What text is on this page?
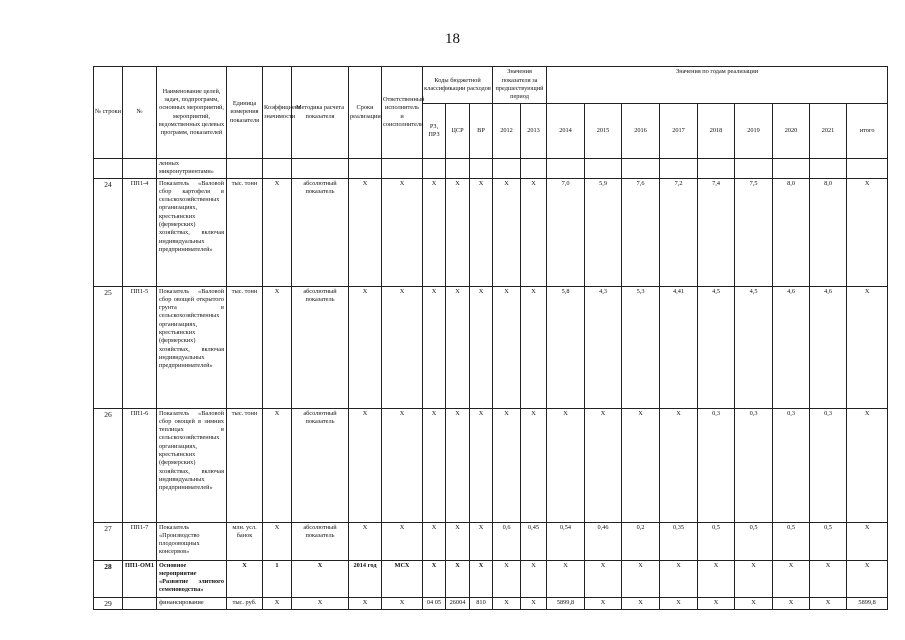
18
№ строки	№	Наименование целей, задач, подпрограмм, основных мероприятий, мероприятий, ведомственных целевых программ, показателей	Единица измерения показателя	Коэффициент значимости	Методика расчета показателя	Сроки реализации	Ответственный исполнитель и соисполнители	Коды бюджетной классификации расходов			Значения показателя за предшествующий период		Значения по годам реализации								
								РЗ, ПРЗ	ЦСР	ВР	2012	2013	2014	2015	2016	2017	2018	2019	2020	2021	итого
		ленных микронутриентами»																			
24	ПП1-4	Показатель «Валовой сбор картофеля в сельскохозяйственных организациях, крестьянских (фермерских) хозяйствах, включая индивидуальных предпринимателей»	тыс. тонн	Х	абсолютный показатель	Х	Х	Х	Х	Х	Х	Х	7,0	5,9	7,6	7,2	7,4	7,5	8,0	8,0	Х
25	ПП1-5	Показатель «Валовой сбор овощей открытого грунта в сельскохозяйственных организациях, крестьянских (фермерских) хозяйствах, включая индивидуальных предпринимателей»	тыс. тонн	Х	абсолютный показатель	Х	Х	Х	Х	Х	Х	Х	5,8	4,3	5,3	4,41	4,5	4,5	4,6	4,6	Х
26	ПП1-6	Показатель «Валовой сбор овощей в зимних теплицах в сельскохозяйственных организациях, крестьянских (фермерских) хозяйствах, включая индивидуальных предпринимателей»	тыс. тонн	Х	абсолютный показатель	Х	Х	Х	Х	Х	Х	Х	Х	Х	Х	Х	0,3	0,3	0,3	0,3	Х
27	ПП1-7	Показатель «Производство плодоовощных консервов»	млн. усл. банок	Х	абсолютный показатель	Х	Х	Х	Х	Х	0,6	0,45	0,54	0,46	0,2	0,35	0,5	0,5	0,5	0,5	Х
28	ПП1-ОМ1	Основное мероприятие «Развитие элитного семеноводства»	Х	1	Х	2014 год	МСХ	Х	Х	Х	Х	Х	Х	Х	Х	Х	Х	Х	Х	Х	Х
29		финансирование	тыс. руб.	Х	Х	Х	Х	04 05	26004	810	Х	Х	5899,8	Х	Х	Х	Х	Х	Х	Х	5899,8
